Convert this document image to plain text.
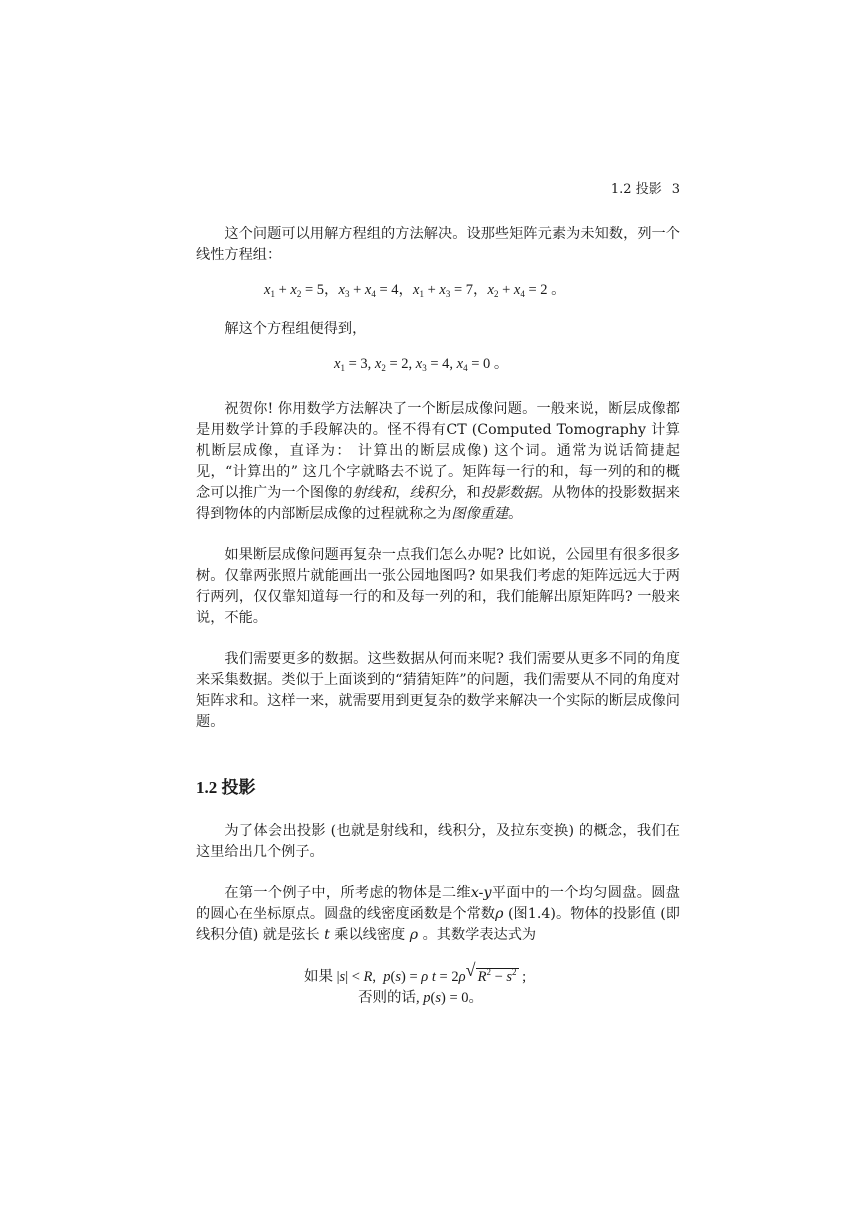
1.2 投影 3

这个问题可以用解方程组的方法解决。设那些矩阵元素为未知数，列一个线性方程组：

$x_1 + x_2 = 5$，$x_3 + x_4 = 4$，$x_1 + x_3 = 7$，$x_2 + x_4 = 2$ 。

解这个方程组便得到，

$x_1 = 3$, $x_2 = 2$, $x_3 = 4$, $x_4 = 0$ 。

祝贺你! 你用数学方法解决了一个断层成像问题。一般来说，断层成像都是用数学计算的手段解决的。怪不得有CT (Computed Tomography 计算机断层成像，直译为： 计算出的断层成像) 这个词。通常为说话简捷起见，“计算出的” 这几个字就略去不说了。矩阵每一行的和，每一列的和的概念可以推广为一个图像的射线和，线积分，和投影数据。从物体的投影数据来得到物体的内部断层成像的过程就称之为图像重建。

如果断层成像问题再复杂一点我们怎么办呢? 比如说，公园里有很多很多树。仅靠两张照片就能画出一张公园地图吗? 如果我们考虑的矩阵远远大于两行两列，仅仅靠知道每一行的和及每一列的和，我们能解出原矩阵吗? 一般来说，不能。

我们需要更多的数据。这些数据从何而来呢? 我们需要从更多不同的角度来采集数据。类似于上面谈到的“猜猜矩阵”的问题，我们需要从不同的角度对矩阵求和。这样一来，就需要用到更复杂的数学来解决一个实际的断层成像问题。

1.2 投影

为了体会出投影 (也就是射线和，线积分，及拉东变换) 的概念，我们在这里给出几个例子。

在第一个例子中，所考虑的物体是二维x-y平面中的一个均匀圆盘。圆盘的圆心在坐标原点。圆盘的线密度函数是个常数ρ (图1.4)。物体的投影值 (即线积分值) 就是弦长 t 乘以线密度 ρ 。其数学表达式为

如果 |s| < R,  p(s) = ρ t = 2ρ √ $R^2 - s^2$ ;
否则的话, p(s) = 0。
